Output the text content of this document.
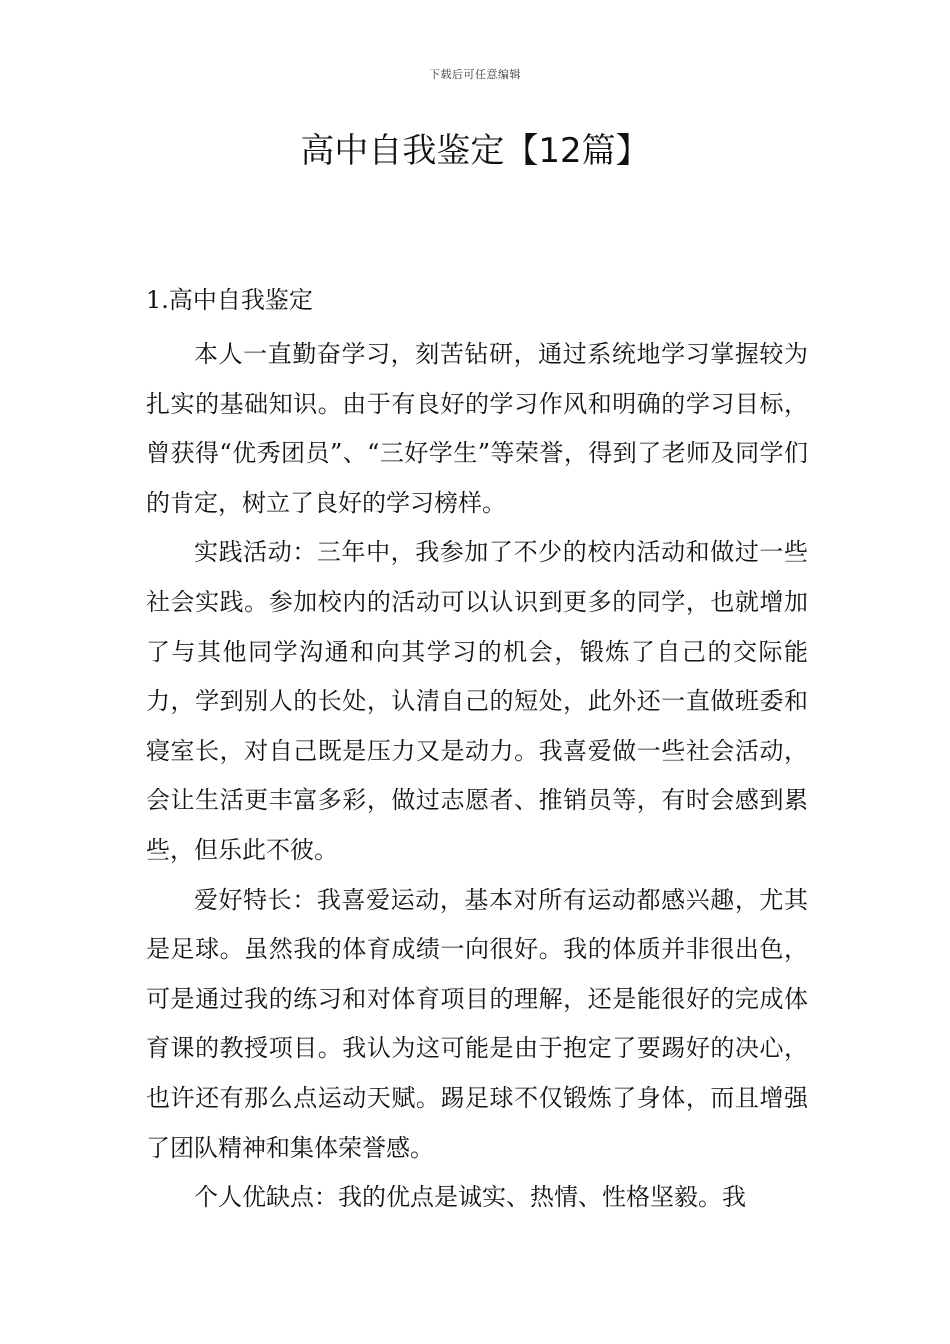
下载后可任意编辑
高中自我鉴定【12篇】
1.高中自我鉴定

本人一直勤奋学习，刻苦钻研，通过系统地学习掌握较为扎实的基础知识。由于有良好的学习作风和明确的学习目标，曾获得“优秀团员”、“三好学生”等荣誉，得到了老师及同学们的肯定，树立了良好的学习榜样。

实践活动：三年中，我参加了不少的校内活动和做过一些社会实践。参加校内的活动可以认识到更多的同学，也就增加了与其他同学沟通和向其学习的机会，锻炼了自己的交际能力，学到别人的长处，认清自己的短处，此外还一直做班委和寝室长，对自己既是压力又是动力。我喜爱做一些社会活动，会让生活更丰富多彩，做过志愿者、推销员等，有时会感到累些，但乐此不彼。

爱好特长：我喜爱运动，基本对所有运动都感兴趣，尤其是足球。虽然我的体育成绩一向很好。我的体质并非很出色，可是通过我的练习和对体育项目的理解，还是能很好的完成体育课的教授项目。我认为这可能是由于抱定了要踢好的决心，也许还有那么点运动天赋。踢足球不仅锻炼了身体，而且增强了团队精神和集体荣誉感。

个人优缺点：我的优点是诚实、热情、性格坚毅。我
